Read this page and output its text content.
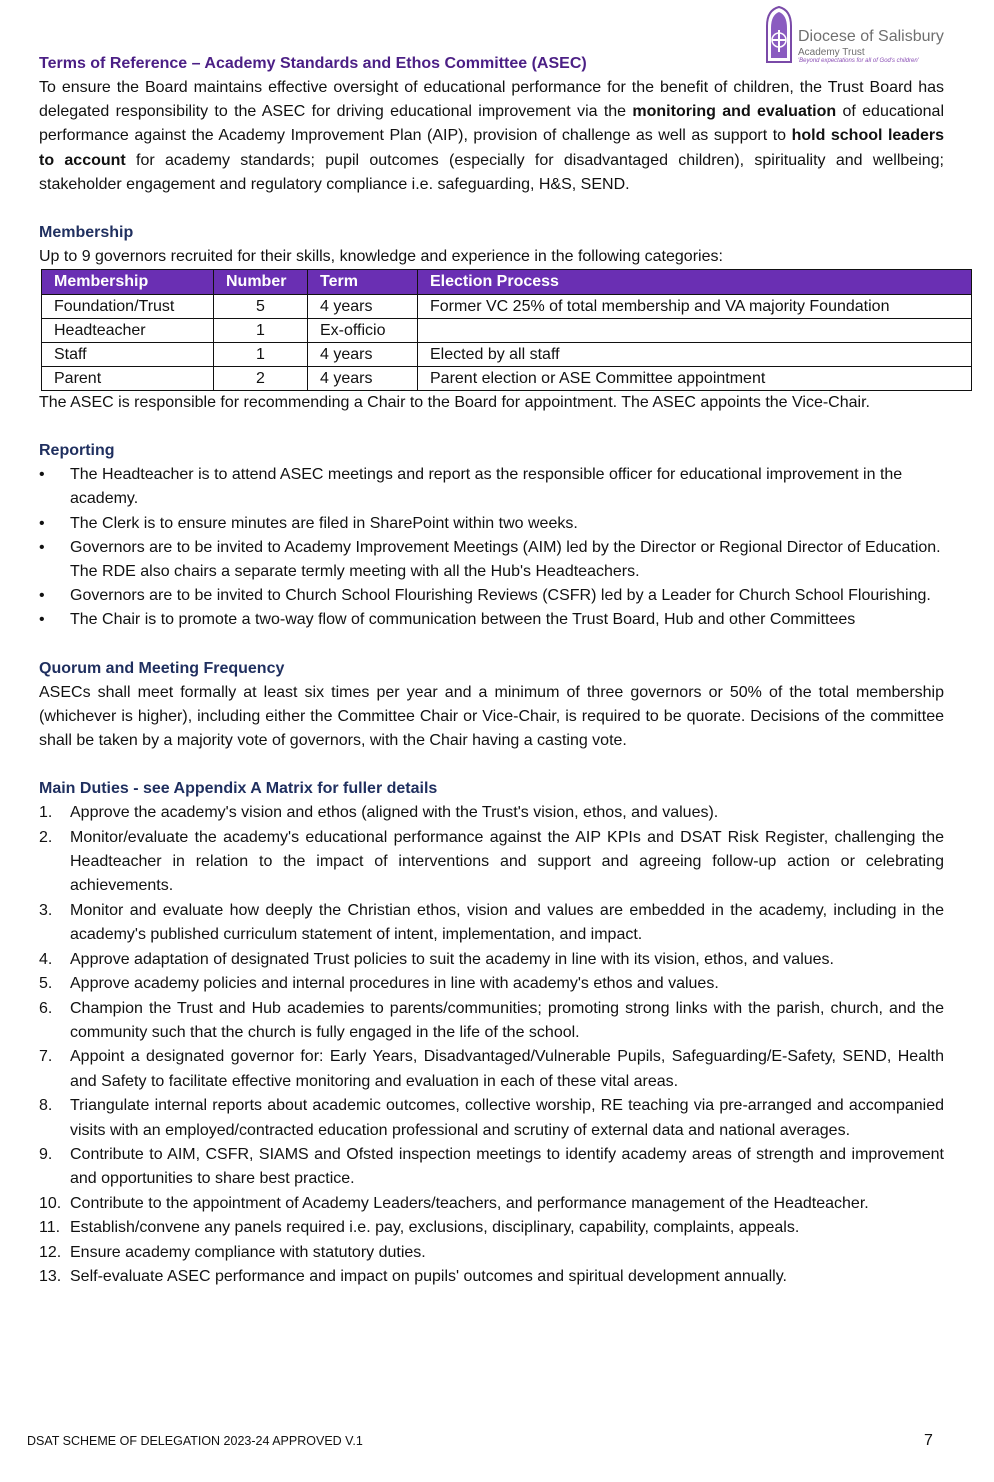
Diocese of Salisbury
Academy Trust
'Beyond expectations for all of God's children'
Terms of Reference – Academy Standards and Ethos Committee (ASEC)

To ensure the Board maintains effective oversight of educational performance for the benefit of children, the Trust Board has delegated responsibility to the ASEC for driving educational improvement via the monitoring and evaluation of educational performance against the Academy Improvement Plan (AIP), provision of challenge as well as support to hold school leaders to account for academy standards; pupil outcomes (especially for disadvantaged children), spirituality and wellbeing; stakeholder engagement and regulatory compliance i.e. safeguarding, H&S, SEND.

Membership

Up to 9 governors recruited for their skills, knowledge and experience in the following categories:

Membership	Number	Term	Election Process
Foundation/Trust	5	4 years	Former VC 25% of total membership and VA majority Foundation
Headteacher	1	Ex-officio	
Staff	1	4 years	Elected by all staff
Parent	2	4 years	Parent election or ASE Committee appointment

The ASEC is responsible for recommending a Chair to the Board for appointment. The ASEC appoints the Vice-Chair.

Reporting
• The Headteacher is to attend ASEC meetings and report as the responsible officer for educational improvement in the academy.
• The Clerk is to ensure minutes are filed in SharePoint within two weeks.
• Governors are to be invited to Academy Improvement Meetings (AIM) led by the Director or Regional Director of Education. The RDE also chairs a separate termly meeting with all the Hub's Headteachers.
• Governors are to be invited to Church School Flourishing Reviews (CSFR) led by a Leader for Church School Flourishing.
• The Chair is to promote a two-way flow of communication between the Trust Board, Hub and other Committees
Quorum and Meeting Frequency

ASECs shall meet formally at least six times per year and a minimum of three governors or 50% of the total membership (whichever is higher), including either the Committee Chair or Vice-Chair, is required to be quorate. Decisions of the committee shall be taken by a majority vote of governors, with the Chair having a casting vote.

Main Duties - see Appendix A Matrix for fuller details
1. Approve the academy's vision and ethos (aligned with the Trust's vision, ethos, and values).
2. Monitor/evaluate the academy's educational performance against the AIP KPIs and DSAT Risk Register, challenging the Headteacher in relation to the impact of interventions and support and agreeing follow-up action or celebrating achievements.
3. Monitor and evaluate how deeply the Christian ethos, vision and values are embedded in the academy, including in the academy's published curriculum statement of intent, implementation, and impact.
4. Approve adaptation of designated Trust policies to suit the academy in line with its vision, ethos, and values.
5. Approve academy policies and internal procedures in line with academy's ethos and values.
6. Champion the Trust and Hub academies to parents/communities; promoting strong links with the parish, church, and the community such that the church is fully engaged in the life of the school.
7. Appoint a designated governor for: Early Years, Disadvantaged/Vulnerable Pupils, Safeguarding/E-Safety, SEND, Health and Safety to facilitate effective monitoring and evaluation in each of these vital areas.
8. Triangulate internal reports about academic outcomes, collective worship, RE teaching via pre-arranged and accompanied visits with an employed/contracted education professional and scrutiny of external data and national averages.
9. Contribute to AIM, CSFR, SIAMS and Ofsted inspection meetings to identify academy areas of strength and improvement and opportunities to share best practice.
10. Contribute to the appointment of Academy Leaders/teachers, and performance management of the Headteacher.
11. Establish/convene any panels required i.e. pay, exclusions, disciplinary, capability, complaints, appeals.
12. Ensure academy compliance with statutory duties.
13. Self-evaluate ASEC performance and impact on pupils' outcomes and spiritual development annually.
DSAT SCHEME OF DELEGATION 2023-24 APPROVED V.1	7
